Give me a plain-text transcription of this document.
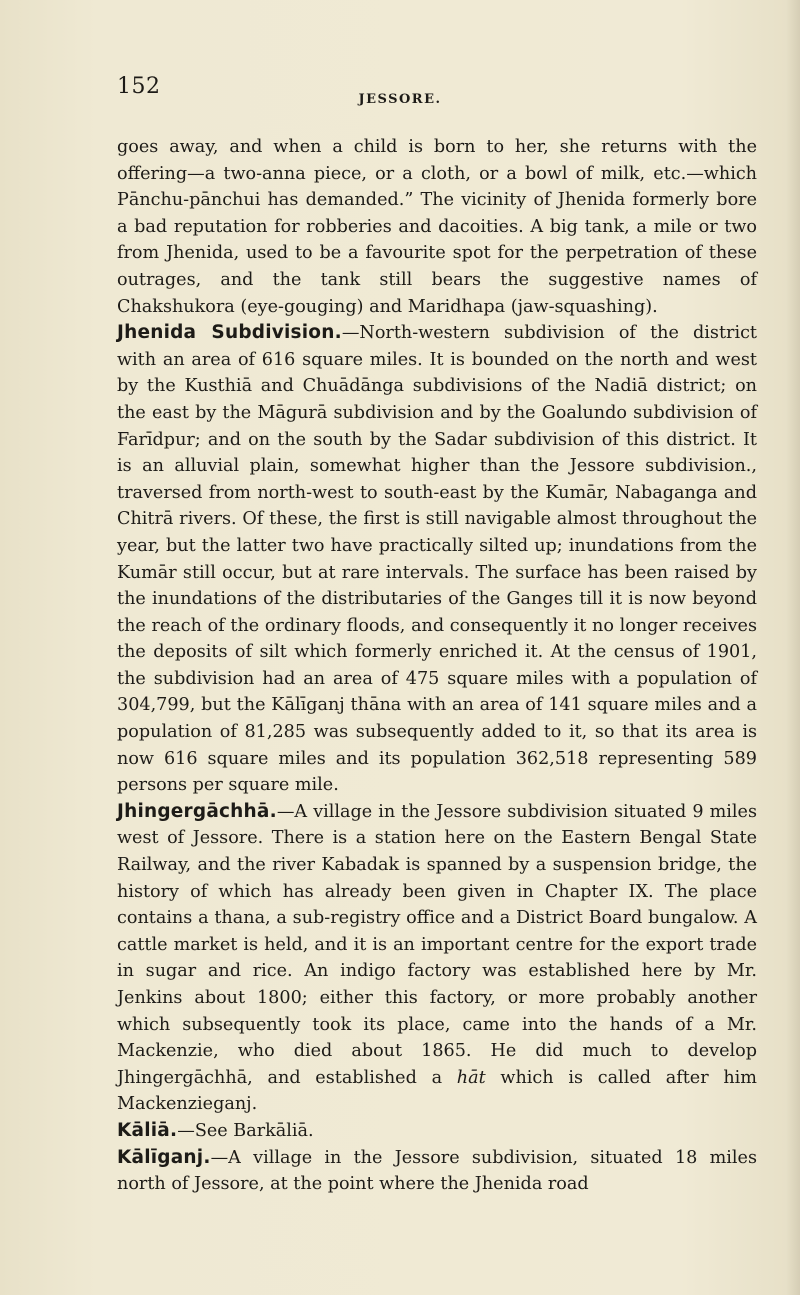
152
JESSORE.

goes away, and when a child is born to her, she returns with the offering—a two-anna piece, or a cloth, or a bowl of milk, etc.—which Pānchu-pānchui has demanded.” The vicinity of Jhenida formerly bore a bad reputation for robberies and dacoities. A big tank, a mile or two from Jhenida, used to be a favourite spot for the perpetration of these outrages, and the tank still bears the suggestive names of Chakshukora (eye-gouging) and Maridhapa (jaw-squashing).

Jhenida Subdivision.—North-western subdivision of the district with an area of 616 square miles. It is bounded on the north and west by the Kusthiā and Chuādānga subdivisions of the Nadiā district; on the east by the Māgurā subdivision and by the Goalundo subdivision of Farīdpur; and on the south by the Sadar subdivision of this district. It is an alluvial plain, somewhat higher than the Jessore subdivision., traversed from north-west to south-east by the Kumār, Nabaganga and Chitrā rivers. Of these, the first is still navigable almost throughout the year, but the latter two have practically silted up; inundations from the Kumār still occur, but at rare intervals. The surface has been raised by the inundations of the distributaries of the Ganges till it is now beyond the reach of the ordinary floods, and consequently it no longer receives the deposits of silt which formerly enriched it. At the census of 1901, the subdivision had an area of 475 square miles with a population of 304,799, but the Kālīganj thāna with an area of 141 square miles and a population of 81,285 was subsequently added to it, so that its area is now 616 square miles and its population 362,518 representing 589 persons per square mile.

Jhingergāchhā.—A village in the Jessore subdivision situated 9 miles west of Jessore. There is a station here on the Eastern Bengal State Railway, and the river Kabadak is spanned by a suspension bridge, the history of which has already been given in Chapter IX. The place contains a thana, a sub-registry office and a District Board bungalow. A cattle market is held, and it is an important centre for the export trade in sugar and rice. An indigo factory was established here by Mr. Jenkins about 1800; either this factory, or more probably another which subsequently took its place, came into the hands of a Mr. Mackenzie, who died about 1865. He did much to develop Jhingergāchhā, and established a hāt which is called after him Mackenzieganj.

Kāliā.—See Barkāliā.

Kālīganj.—A village in the Jessore subdivision, situated 18 miles north of Jessore, at the point where the Jhenida road
